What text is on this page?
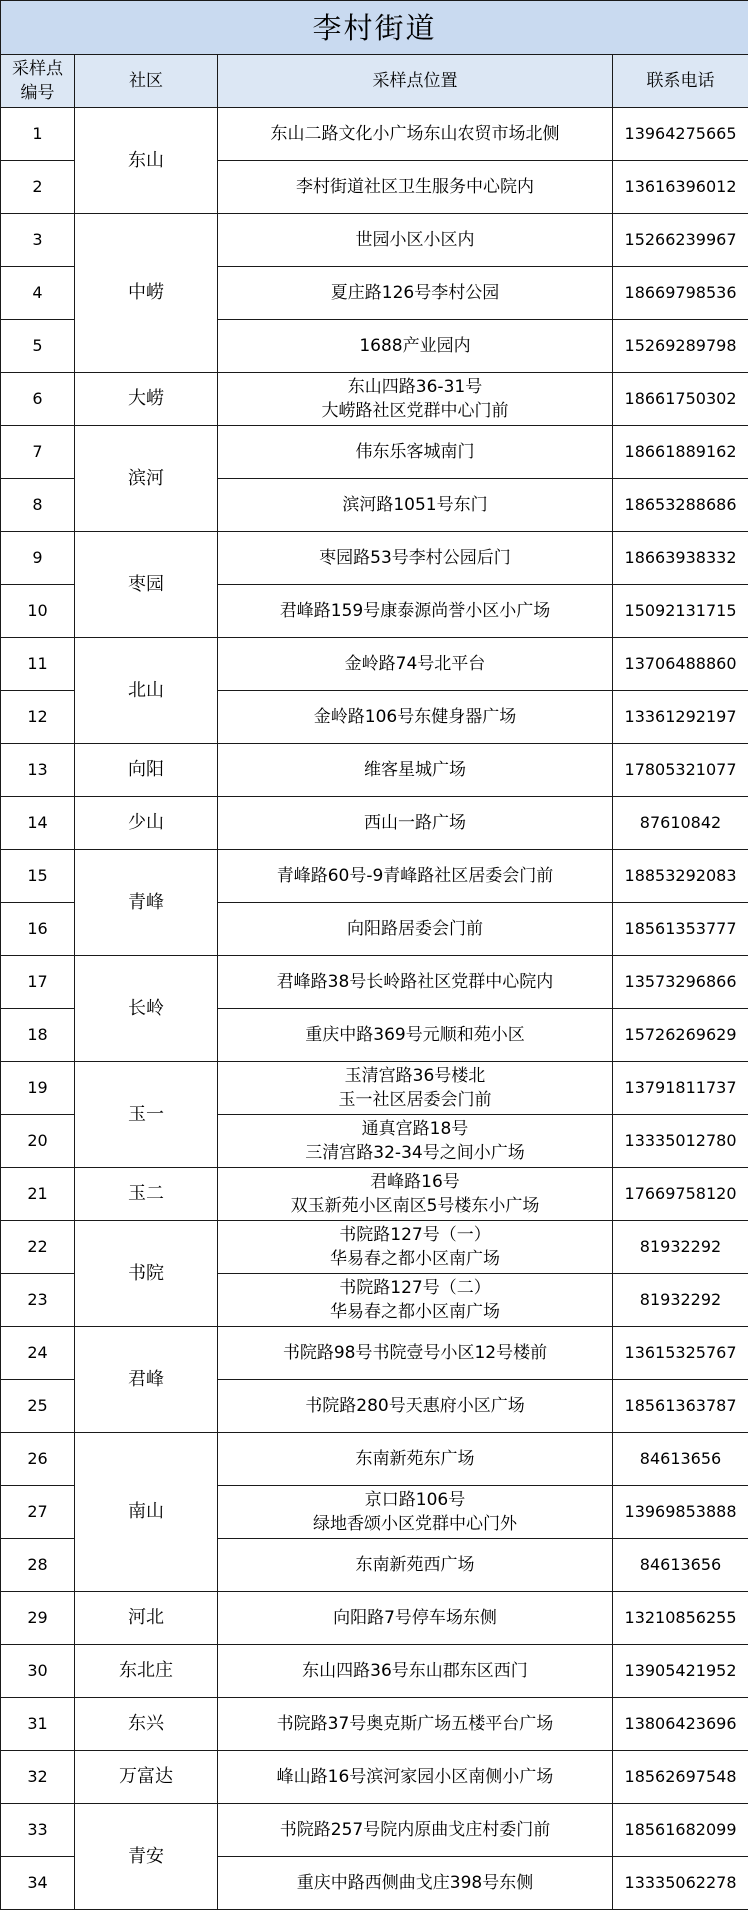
李村街道			
采样点
编号	社区	采样点位置	联系电话
1	东山	东山二路文化小广场东山农贸市场北侧	13964275665
2		李村街道社区卫生服务中心院内	13616396012
3	中崂	世园小区小区内	15266239967
4		夏庄路126号李村公园	18669798536
5		1688产业园内	15269289798
6	大崂	东山四路36-31号
大崂路社区党群中心门前	18661750302
7	滨河	伟东乐客城南门	18661889162
8		滨河路1051号东门	18653288686
9	枣园	枣园路53号李村公园后门	18663938332
10		君峰路159号康泰源尚誉小区小广场	15092131715
11	北山	金岭路74号北平台	13706488860
12		金岭路106号东健身器广场	13361292197
13	向阳	维客星城广场	17805321077
14	少山	西山一路广场	87610842
15	青峰	青峰路60号-9青峰路社区居委会门前	18853292083
16		向阳路居委会门前	18561353777
17	长岭	君峰路38号长岭路社区党群中心院内	13573296866
18		重庆中路369号元顺和苑小区	15726269629
19	玉一	玉清宫路36号楼北
玉一社区居委会门前	13791811737
20		通真宫路18号
三清宫路32-34号之间小广场	13335012780
21	玉二	君峰路16号
双玉新苑小区南区5号楼东小广场	17669758120
22	书院	书院路127号（一）
华易春之都小区南广场	81932292
23		书院路127号（二）
华易春之都小区南广场	81932292
24	君峰	书院路98号书院壹号小区12号楼前	13615325767
25		书院路280号天惠府小区广场	18561363787
26	南山	东南新苑东广场	84613656
27		京口路106号
绿地香颂小区党群中心门外	13969853888
28		东南新苑西广场	84613656
29	河北	向阳路7号停车场东侧	13210856255
30	东北庄	东山四路36号东山郡东区西门	13905421952
31	东兴	书院路37号奥克斯广场五楼平台广场	13806423696
32	万富达	峰山路16号滨河家园小区南侧小广场	18562697548
33	青安	书院路257号院内原曲戈庄村委门前	18561682099
34		重庆中路西侧曲戈庄398号东侧	13335062278
